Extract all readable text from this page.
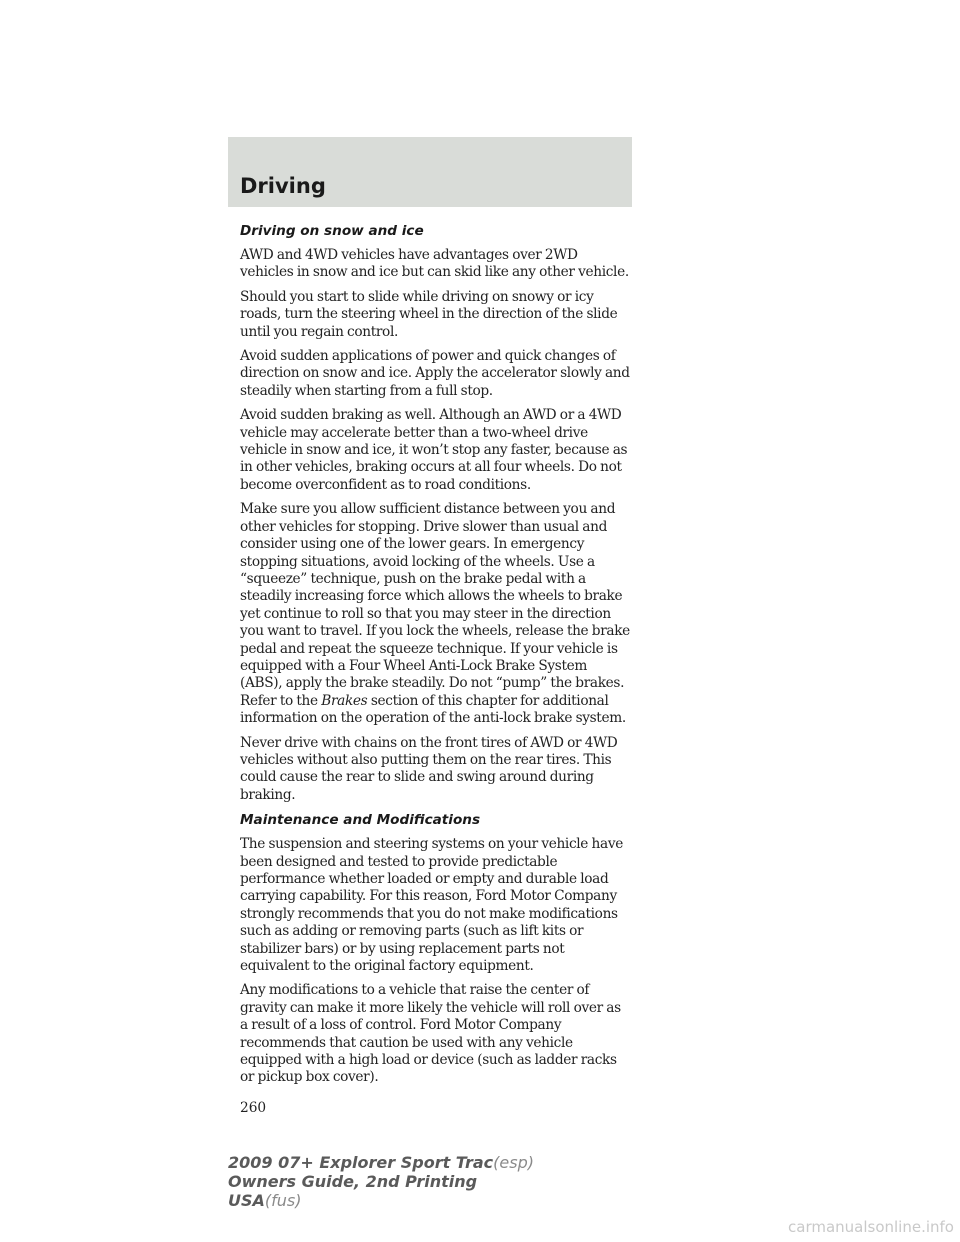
Driving
Driving on snow and ice

AWD and 4WD vehicles have advantages over 2WD vehicles in snow and ice but can skid like any other vehicle.

Should you start to slide while driving on snowy or icy roads, turn the steering wheel in the direction of the slide until you regain control.

Avoid sudden applications of power and quick changes of direction on snow and ice. Apply the accelerator slowly and steadily when starting from a full stop.

Avoid sudden braking as well. Although an AWD or a 4WD vehicle may accelerate better than a two-wheel drive vehicle in snow and ice, it won’t stop any faster, because as in other vehicles, braking occurs at all four wheels. Do not become overconfident as to road conditions.

Make sure you allow sufficient distance between you and other vehicles for stopping. Drive slower than usual and consider using one of the lower gears. In emergency stopping situations, avoid locking of the wheels. Use a “squeeze” technique, push on the brake pedal with a steadily increasing force which allows the wheels to brake yet continue to roll so that you may steer in the direction you want to travel. If you lock the wheels, release the brake pedal and repeat the squeeze technique. If your vehicle is equipped with a Four Wheel Anti-Lock Brake System (ABS), apply the brake steadily. Do not “pump” the brakes. Refer to the Brakes section of this chapter for additional information on the operation of the anti-lock brake system.

Never drive with chains on the front tires of AWD or 4WD vehicles without also putting them on the rear tires. This could cause the rear to slide and swing around during braking.

Maintenance and Modifications

The suspension and steering systems on your vehicle have been designed and tested to provide predictable performance whether loaded or empty and durable load carrying capability. For this reason, Ford Motor Company strongly recommends that you do not make modifications such as adding or removing parts (such as lift kits or stabilizer bars) or by using replacement parts not equivalent to the original factory equipment.

Any modifications to a vehicle that raise the center of gravity can make it more likely the vehicle will roll over as a result of a loss of control. Ford Motor Company recommends that caution be used with any vehicle equipped with a high load or device (such as ladder racks or pickup box cover).

260

2009 07+ Explorer Sport Trac(esp)
Owners Guide, 2nd Printing
USA(fus)
carmanualsonline.info
